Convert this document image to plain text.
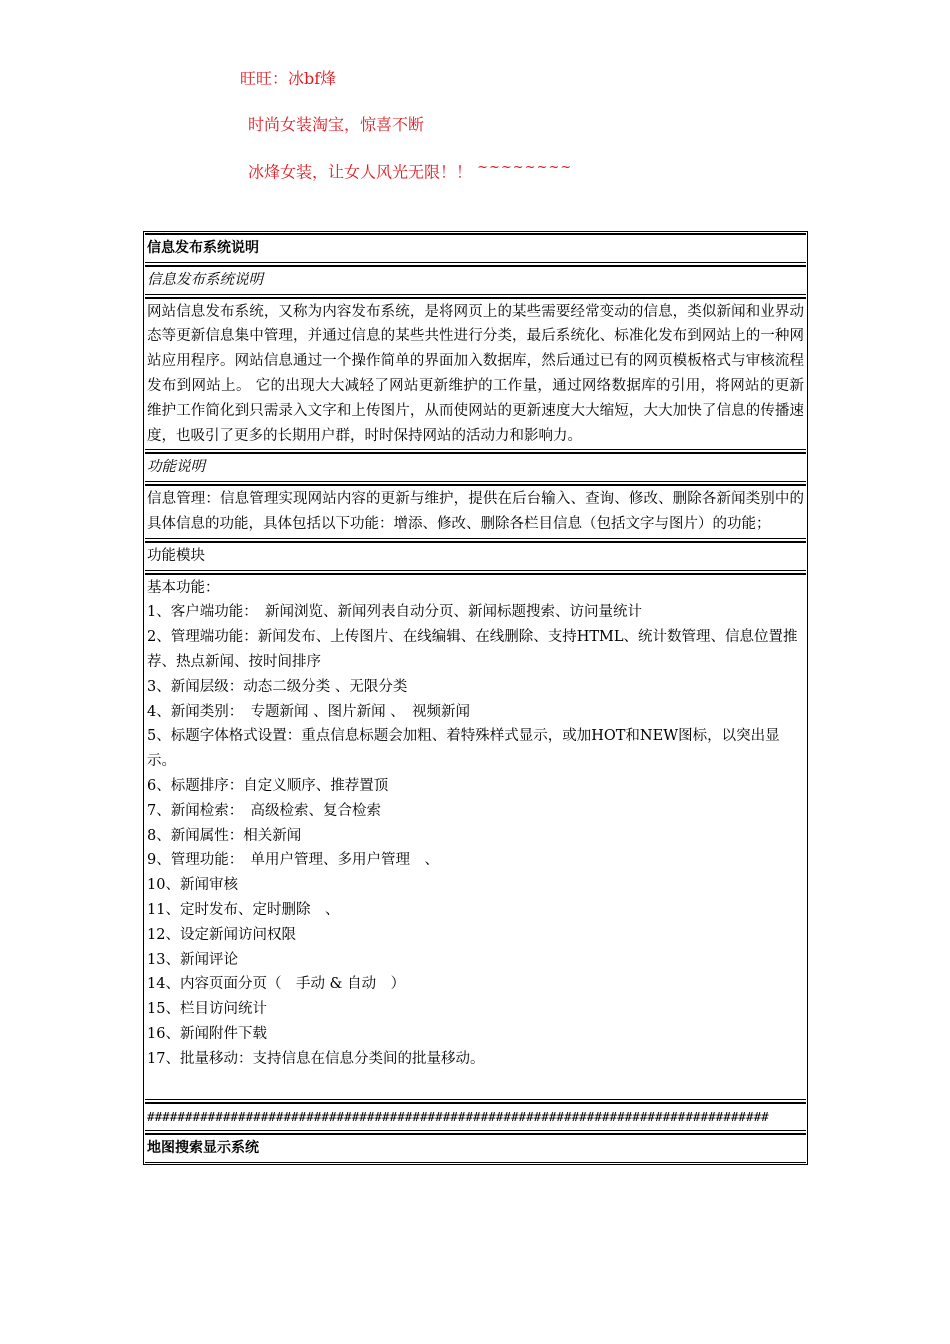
旺旺：冰bf烽
时尚女装淘宝，惊喜不断
冰烽女装，让女人风光无限！！ ~~~~~~~~
信息发布系统说明
信息发布系统说明
网站信息发布系统，又称为内容发布系统，是将网页上的某些需要经常变动的信息，类似新闻和业界动态等更新信息集中管理，并通过信息的某些共性进行分类，最后系统化、标准化发布到网站上的一种网站应用程序。网站信息通过一个操作简单的界面加入数据库，然后通过已有的网页模板格式与审核流程发布到网站上。 它的出现大大减轻了网站更新维护的工作量，通过网络数据库的引用，将网站的更新维护工作简化到只需录入文字和上传图片，从而使网站的更新速度大大缩短，大大加快了信息的传播速度，也吸引了更多的长期用户群，时时保持网站的活动力和影响力。
功能说明
信息管理：信息管理实现网站内容的更新与维护，提供在后台输入、查询、修改、删除各新闻类别中的具体信息的功能，具体包括以下功能：增添、修改、删除各栏目信息（包括文字与图片）的功能；
功能模块
基本功能：
1、客户端功能：　新闻浏览、新闻列表自动分页、新闻标题搜索、访问量统计
2、管理端功能：新闻发布、上传图片、在线编辑、在线删除、支持HTML、统计数管理、信息位置推荐、热点新闻、按时间排序
3、新闻层级：动态二级分类 、无限分类
4、新闻类别：　专题新闻 、图片新闻 、　视频新闻
5、标题字体格式设置：重点信息标题会加粗、着特殊样式显示，或加HOT和NEW图标，以突出显示。
6、标题排序：自定义顺序、推荐置顶
7、新闻检索：　高级检索、复合检索
8、新闻属性：相关新闻
9、管理功能：　单用户管理、多用户管理　、
10、新闻审核
11、定时发布、定时删除　、
12、设定新闻访问权限
13、新闻评论
14、内容页面分页（　手动 & 自动　）
15、栏目访问统计
16、新闻附件下载
17、批量移动：支持信息在信息分类间的批量移动。
##################################################################################
地图搜索显示系统
